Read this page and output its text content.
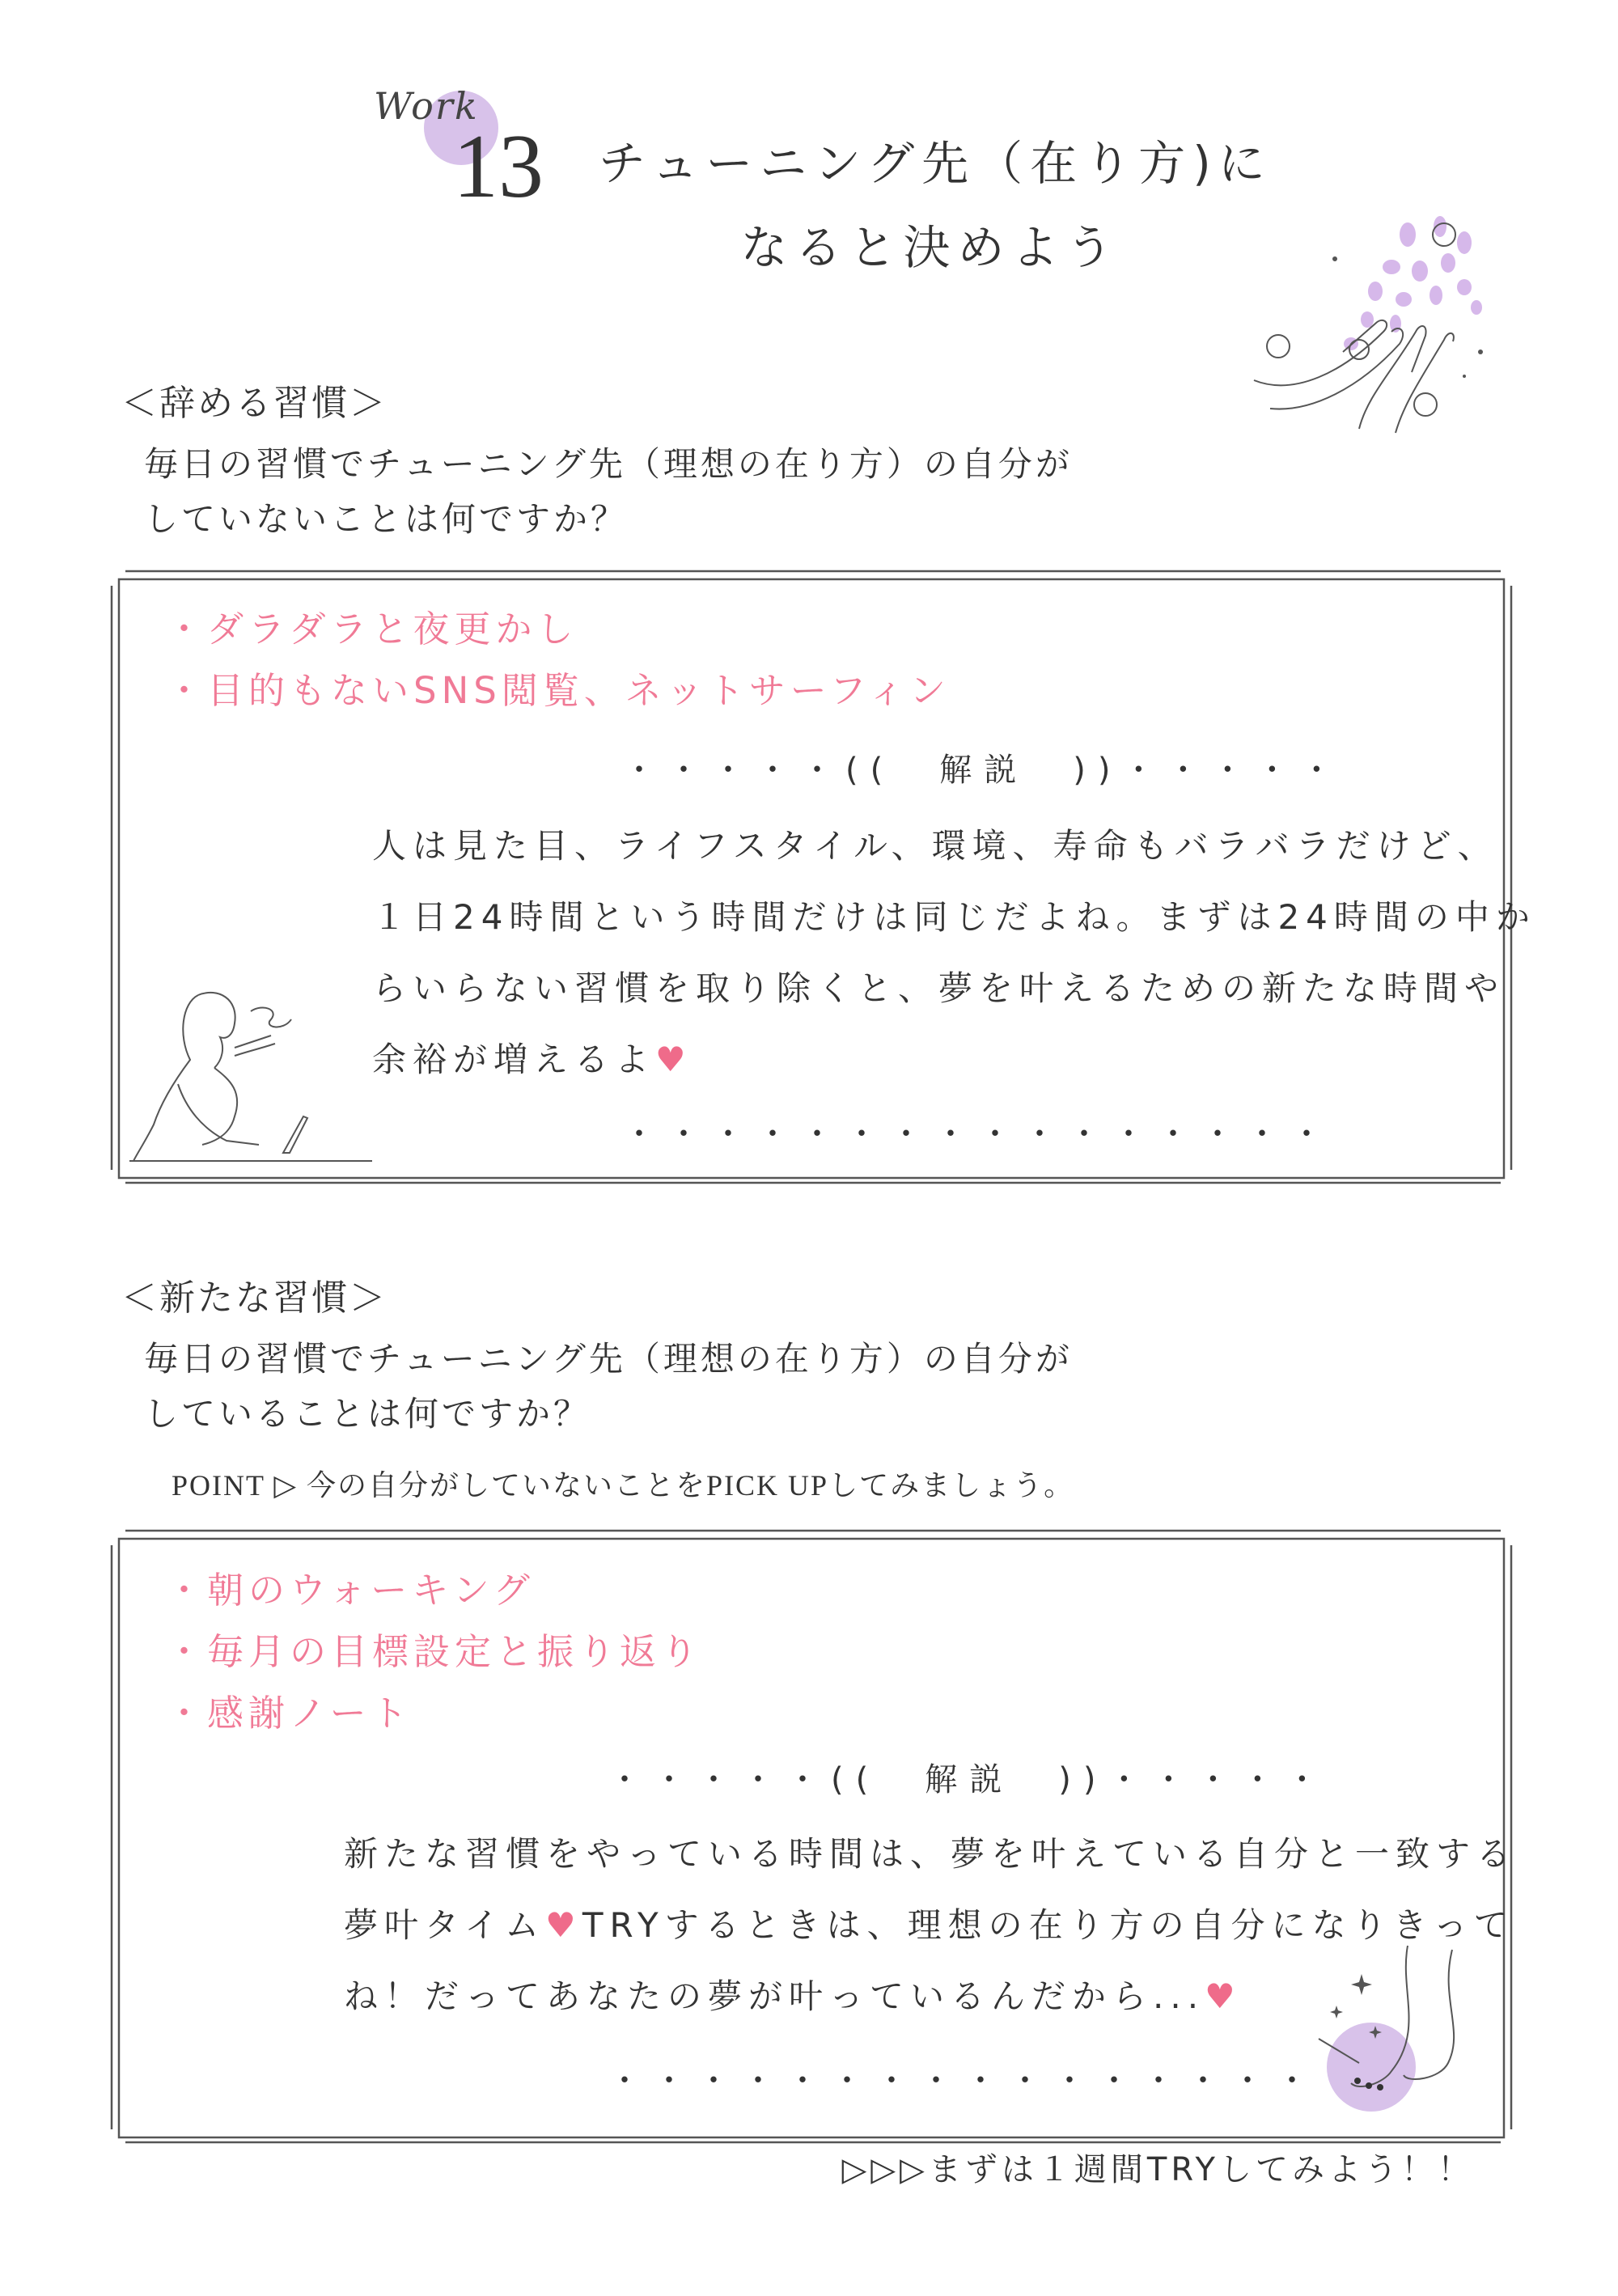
Work
13 チューニング先（在り方)に
なると決めよう
＜辞める習慣＞
毎日の習慣でチューニング先（理想の在り方）の自分が
していないことは何ですか？
・ダラダラと夜更かし
・目的もないSNS閲覧、ネットサーフィン
・・・・・((　解説　))・・・・・
人は見た目、ライフスタイル、環境、寿命もバラバラだけど、
１日24時間という時間だけは同じだよね。まずは24時間の中か
らいらない習慣を取り除くと、夢を叶えるための新たな時間や
余裕が増えるよ♥
・・・・・・・・・・・・・・・・
＜新たな習慣＞
毎日の習慣でチューニング先（理想の在り方）の自分が
していることは何ですか？
POINT ▷ 今の自分がしていないことをPICK UPしてみましょう。
・朝のウォーキング
・毎月の目標設定と振り返り
・感謝ノート
・・・・・((　解説　))・・・・・
新たな習慣をやっている時間は、夢を叶えている自分と一致する
夢叶タイム♥TRYするときは、理想の在り方の自分になりきって
ね！だってあなたの夢が叶っているんだから...♥
・・・・・・・・・・・・・・・・
▷▷▷まずは１週間TRYしてみよう！！
